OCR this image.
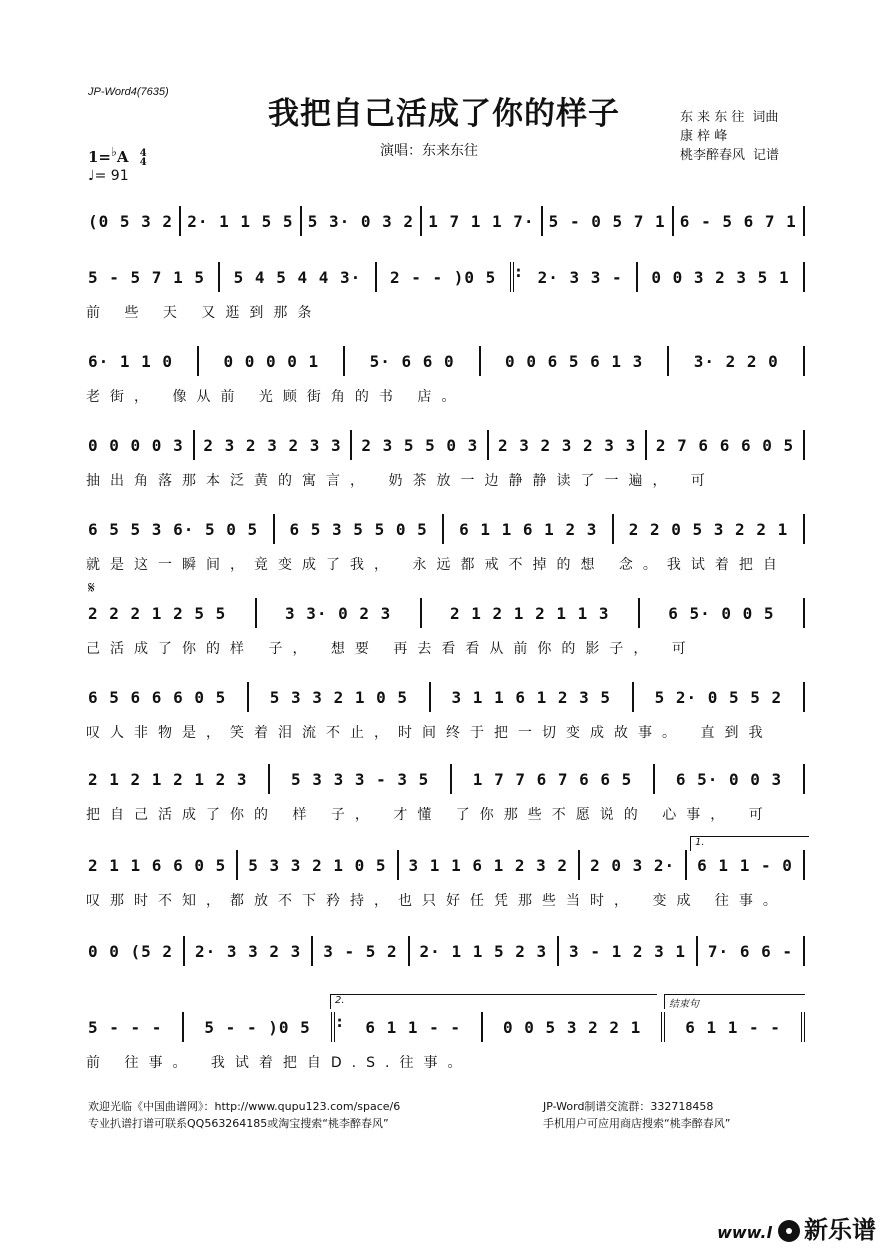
JP-Word4(7635)
我把自己活成了你的样子
演唱：东来东往
东 来 东 往 词曲
康 梓 峰
桃李醉春风 记谱
1=♭A 4
4
♩= 91
𝄋
(0 5 3 2 2· 1 1 5 5 5 3· 0 3 2 1 7 1 1 7· 5 - 0 5 7 1 6 - 5 6 7 1
5 - 5 7 1 5 5 4 5 4 4 3· 2 - - )0 5 : 2· 3 3 - 0 0 3 2 3 5 1
前 些 天 又逛到那条
6· 1 1 0	0 0 0 0 1	5· 6 6 0	0 0 6 5 6 1 3	3· 2 2 0
老街， 像从前 光顾街角的书 店。
0 0 0 0 3 2 3 2 3 2 3 3 2 3 5 5 0 3 2 3 2 3 2 3 3 2 7 6 6 6 0 5
抽出角落那本泛黄的寓言， 奶茶放一边静静读了一遍， 可
6 5 5 3 6· 5 0 5 6 5 3 5 5 0 5 6 1 1 6 1 2 3 2 2 0 5 3 2 2 1
就是这一瞬间，竟变成了我， 永远都戒不掉的想 念。我试着把自
2 2 2 1 2 5 5	3 3· 0 2 3	2 1 2 1 2 1 1 3	6 5· 0 0 5
己活成了你的样 子， 想要 再去看看从前你的影子， 可
6 5 6 6 6 0 5	5 3 3 2 1 0 5	3 1 1 6 1 2 3 5	5 2· 0 5 5 2
叹人非物是，笑着泪流不止，时间终于把一切变成故事。 直到我
2 1 2 1 2 1 2 3	5 3 3 3 - 3 5	1 7 7 6 7 6 6 5	6 5· 0 0 3
把自己活成了你的 样 子， 才懂 了你那些不愿说的 心事， 可
2 1 1 6 6 0 5 5 3 3 2 1 0 5 3 1 1 6 1 2 3 2 2 0 3 2· 6 1 1 - 0
叹那时不知，都放不下矜持，也只好任凭那些当时， 变成 往事。
0 0 (5 2 2· 3 3 2 3 3 - 5 2 2· 1 1 5 2 3 3 - 1 2 3 1 7· 6 6 -
5 - - -	5 - - )0 5 : 6 1 1 - -	0 0 5 3 2 2 1	6 1 1 - -
前 往事。 我试着把自D.S.往事。
1.
2.	结束句
欢迎光临《中国曲谱网》：http://www.qupu123.com/space/6
专业扒谱打谱可联系QQ563264185或淘宝搜索“桃李醉春风”
JP-Word制谱交流群：332718458
手机用户可应用商店搜索“桃李醉春风”
www.l 新乐谱
